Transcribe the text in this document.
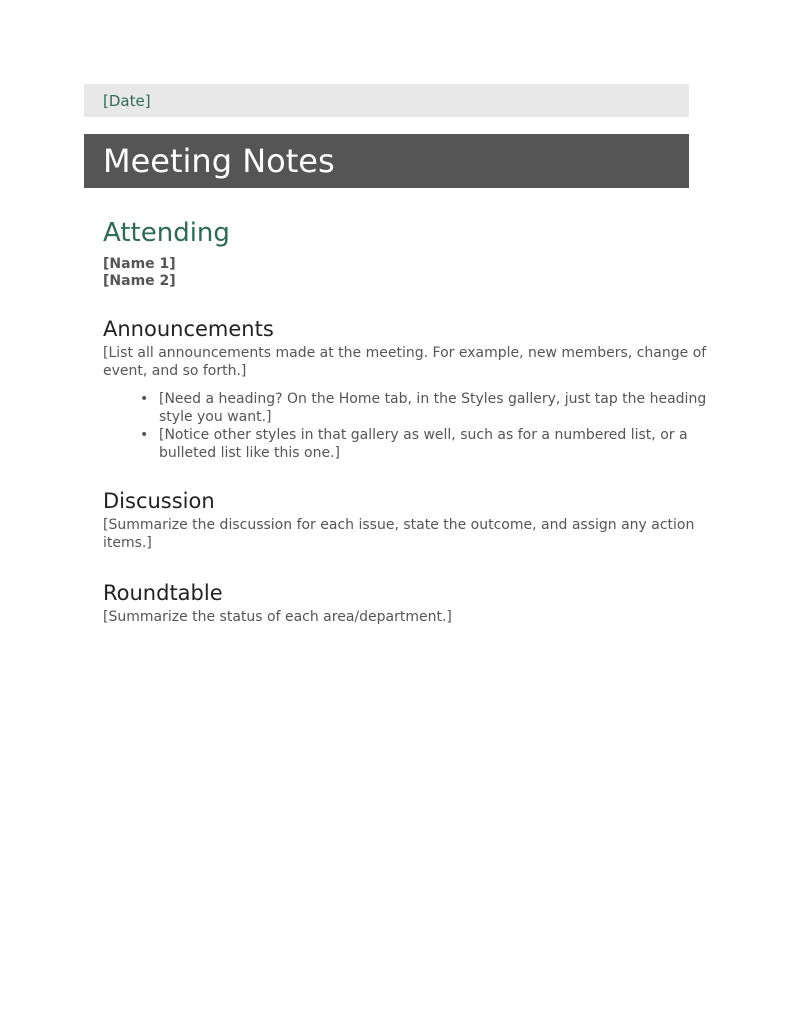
[Date]
Meeting Notes
Attending

[Name 1]

[Name 2]

Announcements

[List all announcements made at the meeting. For example, new members, change of event, and so forth.]

• [Need a heading? On the Home tab, in the Styles gallery, just tap the heading style you want.]
• [Notice other styles in that gallery as well, such as for a numbered list, or a bulleted list like this one.]
Discussion

[Summarize the discussion for each issue, state the outcome, and assign any action items.]

Roundtable

[Summarize the status of each area/department.]
